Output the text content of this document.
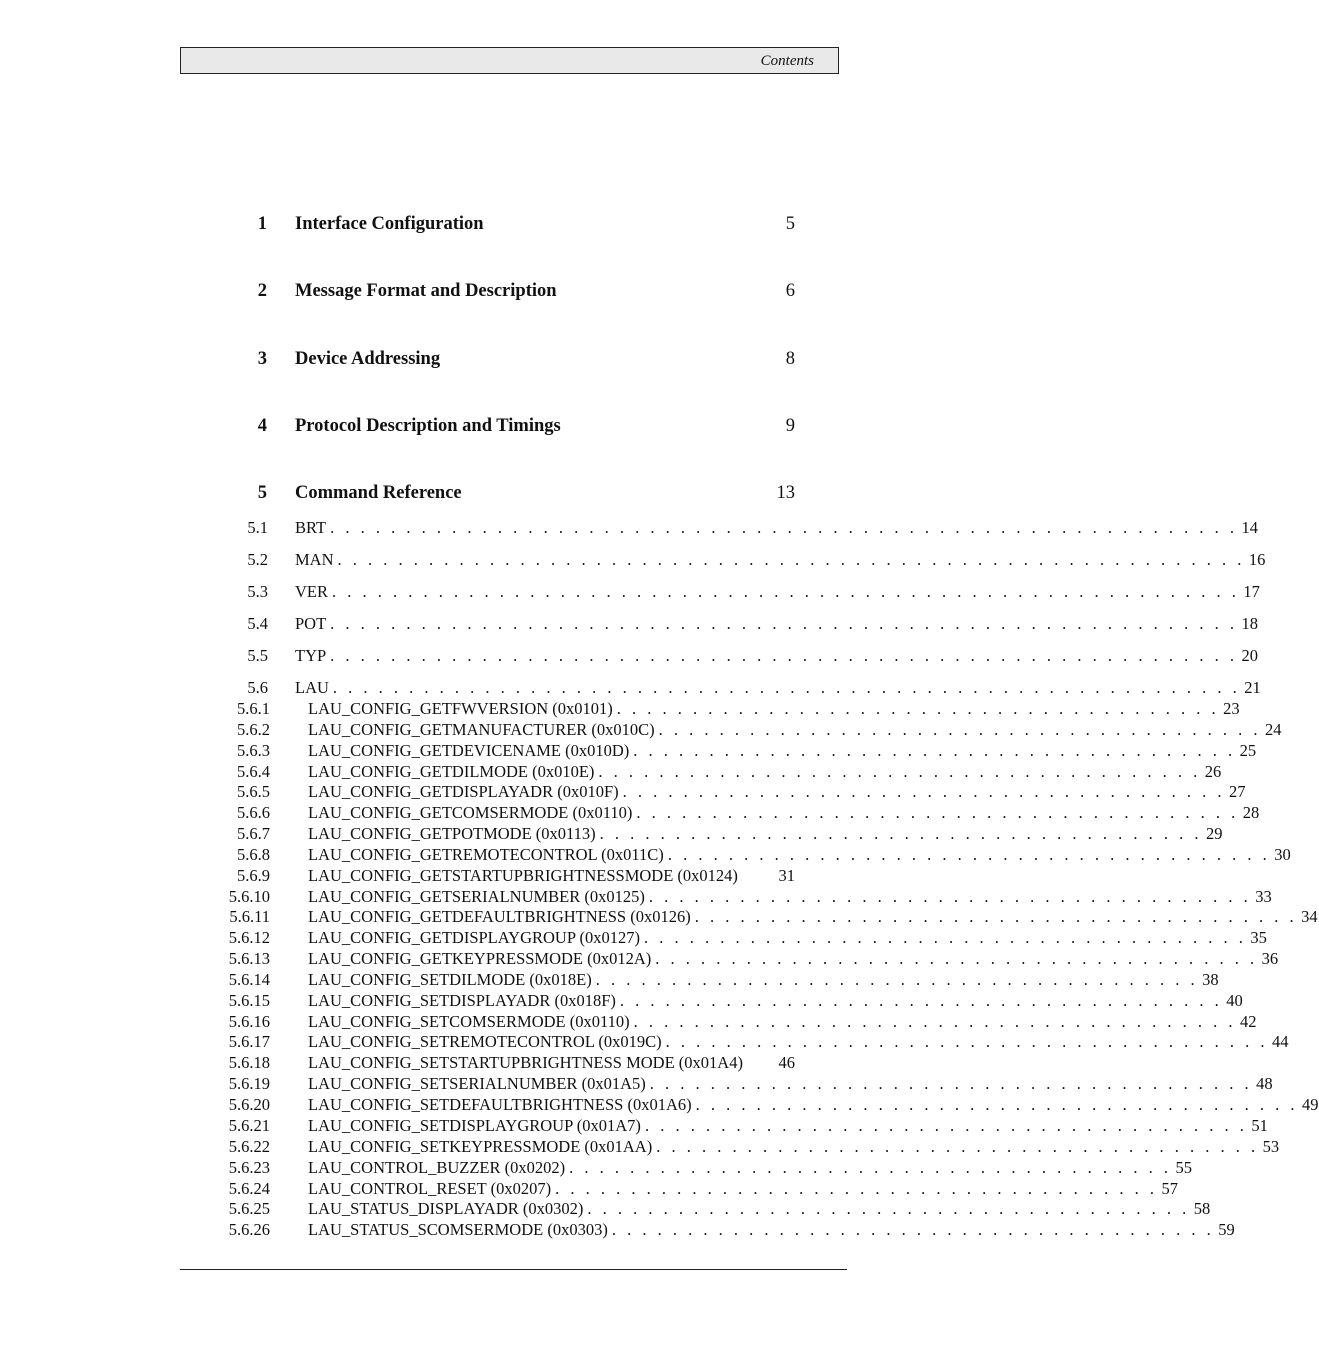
Contents
1 Interface Configuration	5
2 Message Format and Description	6
3 Device Addressing	8
4 Protocol Description and Timings	9
5 Command Reference	13
5.1 BRT . . . . . . . . . . . . . . . . . . . . . . . . . . . . . . . . . . . . . . . . . . . . . . . . . . . . . . . . . . . . 14
5.2 MAN . . . . . . . . . . . . . . . . . . . . . . . . . . . . . . . . . . . . . . . . . . . . . . . . . . . . . . . . . . . . 16
5.3 VER . . . . . . . . . . . . . . . . . . . . . . . . . . . . . . . . . . . . . . . . . . . . . . . . . . . . . . . . . . . . 17
5.4 POT . . . . . . . . . . . . . . . . . . . . . . . . . . . . . . . . . . . . . . . . . . . . . . . . . . . . . . . . . . . . 18
5.5 TYP . . . . . . . . . . . . . . . . . . . . . . . . . . . . . . . . . . . . . . . . . . . . . . . . . . . . . . . . . . . . 20
5.6 LAU . . . . . . . . . . . . . . . . . . . . . . . . . . . . . . . . . . . . . . . . . . . . . . . . . . . . . . . . . . . . 21
5.6.1 LAU_CONFIG_GETFWVERSION (0x0101) . . . . . . . . . . . . . . . . . . . . . . . . . . . . . . . . . . . . . . . . 23
5.6.2 LAU_CONFIG_GETMANUFACTURER (0x010C) . . . . . . . . . . . . . . . . . . . . . . . . . . . . . . . . . . . . . . . . 24
5.6.3 LAU_CONFIG_GETDEVICENAME (0x010D) . . . . . . . . . . . . . . . . . . . . . . . . . . . . . . . . . . . . . . . . 25
5.6.4 LAU_CONFIG_GETDILMODE (0x010E) . . . . . . . . . . . . . . . . . . . . . . . . . . . . . . . . . . . . . . . . 26
5.6.5 LAU_CONFIG_GETDISPLAYADR (0x010F) . . . . . . . . . . . . . . . . . . . . . . . . . . . . . . . . . . . . . . . . 27
5.6.6 LAU_CONFIG_GETCOMSERMODE (0x0110) . . . . . . . . . . . . . . . . . . . . . . . . . . . . . . . . . . . . . . . . 28
5.6.7 LAU_CONFIG_GETPOTMODE (0x0113) . . . . . . . . . . . . . . . . . . . . . . . . . . . . . . . . . . . . . . . . 29
5.6.8 LAU_CONFIG_GETREMOTECONTROL (0x011C) . . . . . . . . . . . . . . . . . . . . . . . . . . . . . . . . . . . . . . . . 30
5.6.9 LAU_CONFIG_GETSTARTUPBRIGHTNESSMODE (0x0124) 31
5.6.10 LAU_CONFIG_GETSERIALNUMBER (0x0125) . . . . . . . . . . . . . . . . . . . . . . . . . . . . . . . . . . . . . . . . 33
5.6.11 LAU_CONFIG_GETDEFAULTBRIGHTNESS (0x0126) . . . . . . . . . . . . . . . . . . . . . . . . . . . . . . . . . . . . . . . . 34
5.6.12 LAU_CONFIG_GETDISPLAYGROUP (0x0127) . . . . . . . . . . . . . . . . . . . . . . . . . . . . . . . . . . . . . . . . 35
5.6.13 LAU_CONFIG_GETKEYPRESSMODE (0x012A) . . . . . . . . . . . . . . . . . . . . . . . . . . . . . . . . . . . . . . . . 36
5.6.14 LAU_CONFIG_SETDILMODE (0x018E) . . . . . . . . . . . . . . . . . . . . . . . . . . . . . . . . . . . . . . . . 38
5.6.15 LAU_CONFIG_SETDISPLAYADR (0x018F) . . . . . . . . . . . . . . . . . . . . . . . . . . . . . . . . . . . . . . . . 40
5.6.16 LAU_CONFIG_SETCOMSERMODE (0x0110) . . . . . . . . . . . . . . . . . . . . . . . . . . . . . . . . . . . . . . . . 42
5.6.17 LAU_CONFIG_SETREMOTECONTROL (0x019C) . . . . . . . . . . . . . . . . . . . . . . . . . . . . . . . . . . . . . . . . 44
5.6.18 LAU_CONFIG_SETSTARTUPBRIGHTNESS MODE (0x01A4) 46
5.6.19 LAU_CONFIG_SETSERIALNUMBER (0x01A5) . . . . . . . . . . . . . . . . . . . . . . . . . . . . . . . . . . . . . . . . 48
5.6.20 LAU_CONFIG_SETDEFAULTBRIGHTNESS (0x01A6) . . . . . . . . . . . . . . . . . . . . . . . . . . . . . . . . . . . . . . . . 49
5.6.21 LAU_CONFIG_SETDISPLAYGROUP (0x01A7) . . . . . . . . . . . . . . . . . . . . . . . . . . . . . . . . . . . . . . . . 51
5.6.22 LAU_CONFIG_SETKEYPRESSMODE (0x01AA) . . . . . . . . . . . . . . . . . . . . . . . . . . . . . . . . . . . . . . . . 53
5.6.23 LAU_CONTROL_BUZZER (0x0202) . . . . . . . . . . . . . . . . . . . . . . . . . . . . . . . . . . . . . . . . 55
5.6.24 LAU_CONTROL_RESET (0x0207) . . . . . . . . . . . . . . . . . . . . . . . . . . . . . . . . . . . . . . . . 57
5.6.25 LAU_STATUS_DISPLAYADR (0x0302) . . . . . . . . . . . . . . . . . . . . . . . . . . . . . . . . . . . . . . . . 58
5.6.26 LAU_STATUS_SCOMSERMODE (0x0303) . . . . . . . . . . . . . . . . . . . . . . . . . . . . . . . . . . . . . . . . 59
